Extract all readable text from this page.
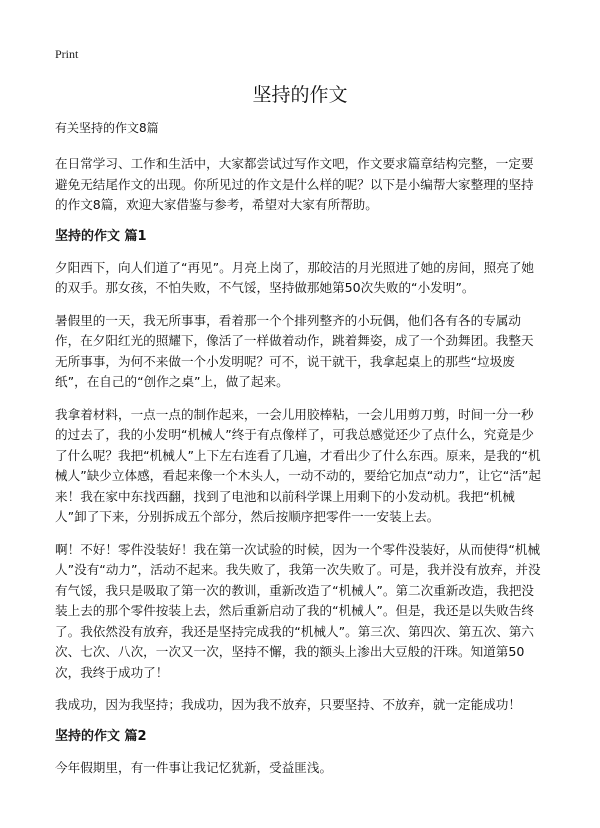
Print
坚持的作文
有关坚持的作文8篇

在日常学习、工作和生活中，大家都尝试过写作文吧，作文要求篇章结构完整，一定要避免无结尾作文的出现。你所见过的作文是什么样的呢？以下是小编帮大家整理的坚持的作文8篇，欢迎大家借鉴与参考，希望对大家有所帮助。

坚持的作文 篇1

夕阳西下，向人们道了“再见”。月亮上岗了，那皎洁的月光照进了她的房间，照亮了她的双手。那女孩，不怕失败，不气馁，坚持做那她第50次失败的“小发明”。

暑假里的一天，我无所事事，看着那一个个排列整齐的小玩偶，他们各有各的专属动作，在夕阳红光的照耀下，像活了一样做着动作，跳着舞姿，成了一个劲舞团。我整天无所事事，为何不来做一个小发明呢？可不，说干就干，我拿起桌上的那些“垃圾废纸”，在自己的“创作之桌”上，做了起来。

我拿着材料，一点一点的制作起来，一会儿用胶棒粘，一会儿用剪刀剪，时间一分一秒的过去了，我的小发明“机械人”终于有点像样了，可我总感觉还少了点什么，究竟是少了什么呢？我把“机械人”上下左右连看了几遍，才看出少了什么东西。原来，是我的“机械人”缺少立体感，看起来像一个木头人，一动不动的，要给它加点“动力”，让它“活”起来！我在家中东找西翻，找到了电池和以前科学课上用剩下的小发动机。我把“机械人”卸了下来，分别拆成五个部分，然后按顺序把零件一一安装上去。

啊！不好！零件没装好！我在第一次试验的时候，因为一个零件没装好，从而使得“机械人”没有“动力”，活动不起来。我失败了，我第一次失败了。可是，我并没有放弃，并没有气馁，我只是吸取了第一次的教训，重新改造了“机械人”。第二次重新改造，我把没装上去的那个零件按装上去，然后重新启动了我的“机械人”。但是，我还是以失败告终了。我依然没有放弃，我还是坚持完成我的“机械人”。第三次、第四次、第五次、第六次、七次、八次，一次又一次，坚持不懈，我的额头上渗出大豆般的汗珠。知道第50次，我终于成功了！

我成功，因为我坚持；我成功，因为我不放弃，只要坚持、不放弃，就一定能成功！

坚持的作文 篇2

今年假期里，有一件事让我记忆犹新，受益匪浅。
